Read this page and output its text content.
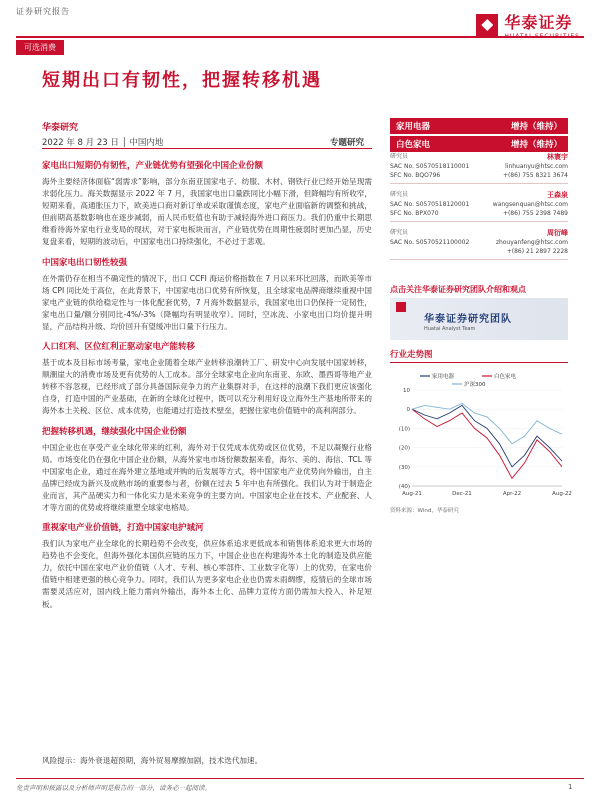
证券研究报告
华泰证券
可选消费
短期出口有韧性，把握转移机遇
华泰研究
2022 年 8 月 23 日 │ 中国内地	专题研究
家电出口短期仍有韧性，产业链优势有望强化中国企业份额

海外主要经济体面临“弱需求”影响，部分东南亚国家电子、纺服、木材、钢铁行业已经开始呈现需求弱化压力。海关数据显示 2022 年 7 月，我国家电出口量跌同比小幅下滑，但降幅均有所收窄，短期来看，高通胀压力下，欧美进口商对新订单或采取谨慎态度，家电产业面临新的调整和挑战，但前期高基数影响也在逐步减弱，而人民币贬值也有助于减轻海外进口商压力。我们仍重中长期思维看待海外家电行业变局的现状，对于家电板块而言，产业链优势在周期性疲弱时更加凸显，历史复盘来看，短期的波动后，中国家电出口持续强化，不必过于悲观。

中国家电出口韧性较强

在外需仍存在相当不确定性的情况下，出口 CCFI 海运价格指数在 7 月以来环比回落，而欧美等市场 CPI 同比处于高位，在此背景下，中国家电出口优势有所恢复，且全球家电品牌商继续重视中国家电产业链的供给稳定性与一体化配套优势，7 月海外数据显示，我国家电出口仍保持一定韧性，家电出口量/额分别同比-4%/-3%（降幅均有明显收窄）。同时，空冰洗、小家电出口均价提升明显，产品结构升级、均价回升有望缓冲出口量下行压力。

人口红利、区位红利正驱动家电产能转移

基于成本及目标市场考量，家电企业随着全球产业转移浪潮转工厂、研发中心向发展中国家转移，顺潮崖大的消费市场及更有优势的人工成本。部分全球家电企业向东南亚、东欧、墨西哥等地产业转移不容忽视，已经形成了部分具备国际竞争力的产业集群对手，在这样的浪潮下我们更应该强化自身，打造中国的产业基础，在新的全球化过程中，既可以充分利用好设立海外生产基地所带来的海外本土关税、区位、成本优势，也能通过打造技术壁垒，把握住家电价值链中的高利润部分。

把握转移机遇，继续强化中国企业份额

中国企业也在享受产业全球化带来的红利，海外对于仅凭成本优势或区位优势，不足以凝聚行业格局。市场变化仍在强化中国企业份额，从海外家电市场份额数据来看，海尔、美的、海信、TCL 等中国家电企业，通过在海外建立基地或并购的后发展等方式，将中国家电产业优势向外输出，自主品牌已经成为新兴及成熟市场的重要参与者，份额在过去 5 年中也有所强化。我们认为对于制造企业而言，其产品硬实力和一体化实力是未来竞争的主要方向。中国家电企业在技术、产业配套、人才等方面的优势或将继续重塑全球家电格局。

重视家电产业价值链，打造中国家电护城河

我们认为家电产业全球化的长期趋势不会改变，供应体系追求更低成本和销售体系追求更大市场的趋势也不会变化，但海外强化本国供应链的压力下，中国企业也在构建海外本土化的制造及供应能力，依托中国在家电产业价值链（人才、专利、核心零部件、工业数字化等）上的优势，在家电价值链中相建更强的核心竞争力。同时，我们认为更多家电企业也仍需未雨绸缪，疫情后的全球市场需要灵活应对，国内线上能力需向外输出，海外本土化、品牌力宣传方面仍需加大投入、补足短板。

风险提示：海外衰退超预期，海外贸易摩擦加剧，技术迭代加速。
家用电器	增持（维持）
白色家电	增持（维持）
研究员	林寰宇
SAC No. S0570518110001	linhuanyu@htsc.com
SFC No. BQO796	+(86) 755 8321 3674
研究员	王森泉
SAC No. S0570518120001	wangsenquan@htsc.com
SFC No. BPX070	+(86) 755 2398 7489
研究员	周衍峰
SAC No. S0570521100002	zhouyanfeng@htsc.com
+(86) 21 2897 2228
点击关注华泰证券研究团队介绍和观点
华泰证券研究团队
Huatai Analyst Team
行业走势图
10
0
(10)
(20)
(30)
(40)
Aug-21	Dec-21	Apr-22	Aug-22
家用电器	白色家电
沪深300
资料来源：Wind，华泰研究
免责声明和披露以及分析师声明是报告的一部分，请务必一起阅读。	1
